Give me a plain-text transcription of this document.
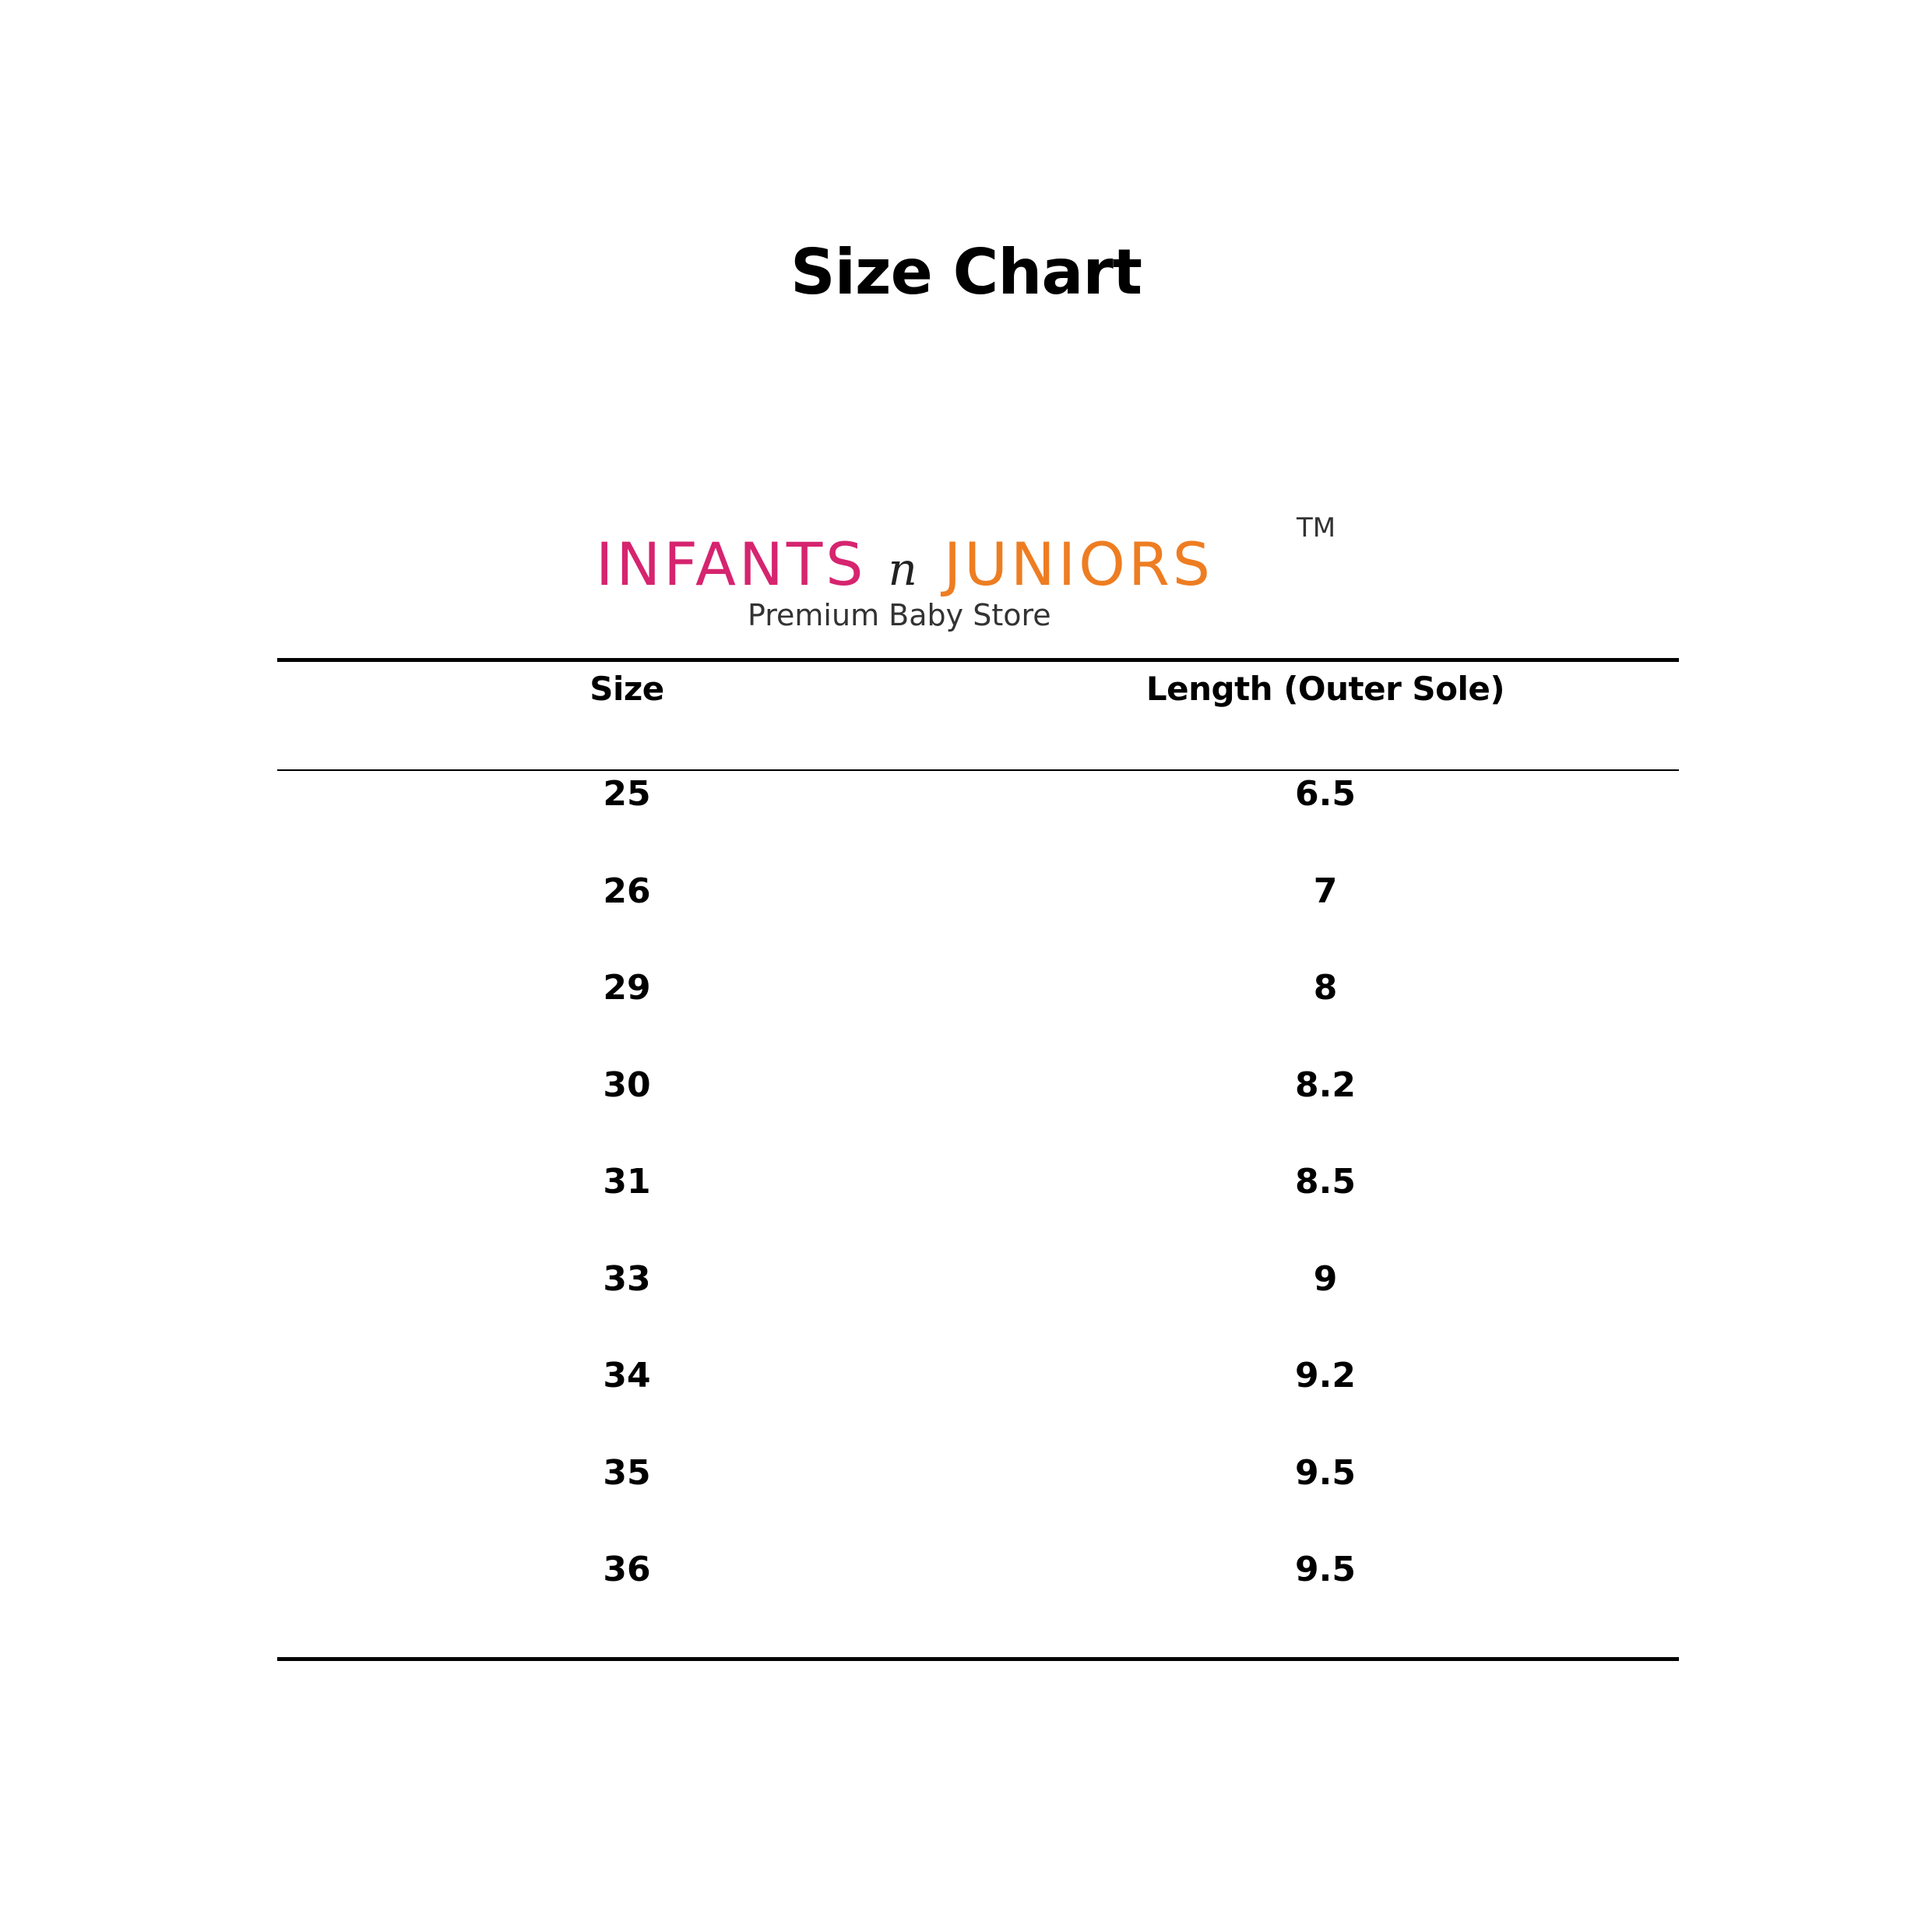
Size Chart
INFANTS n JUNIORS
TM
Premium Baby Store
Size	Length (Outer Sole)
25	6.5
26	7
29	8
30	8.2
31	8.5
33	9
34	9.2
35	9.5
36	9.5
